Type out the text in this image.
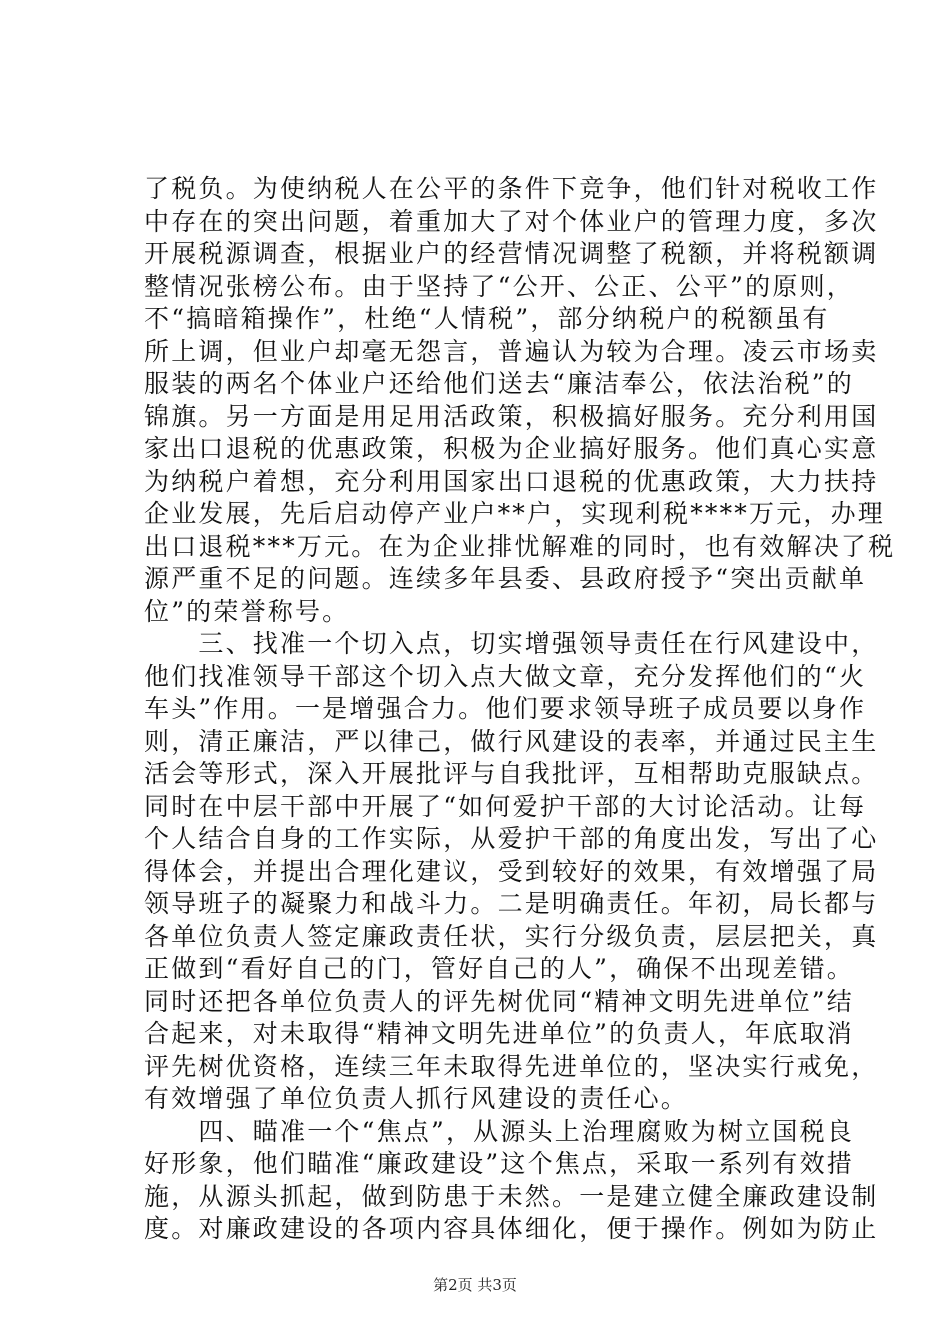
了税负。为使纳税人在公平的条件下竞争，他们针对税收工作
中存在的突出问题，着重加大了对个体业户的管理力度，多次
开展税源调查，根据业户的经营情况调整了税额，并将税额调
整情况张榜公布。由于坚持了“公开、公正、公平”的原则，
不“搞暗箱操作”，杜绝“人情税”，部分纳税户的税额虽有
所上调，但业户却毫无怨言，普遍认为较为合理。凌云市场卖
服装的两名个体业户还给他们送去“廉洁奉公，依法治税”的
锦旗。另一方面是用足用活政策，积极搞好服务。充分利用国
家出口退税的优惠政策，积极为企业搞好服务。他们真心实意
为纳税户着想，充分利用国家出口退税的优惠政策，大力扶持
企业发展，先后启动停产业户**户，实现利税****万元，办理
出口退税***万元。在为企业排忧解难的同时，也有效解决了税
源严重不足的问题。连续多年县委、县政府授予“突出贡献单
位”的荣誉称号。
　　三、找准一个切入点，切实增强领导责任在行风建设中，
他们找准领导干部这个切入点大做文章，充分发挥他们的“火
车头”作用。一是增强合力。他们要求领导班子成员要以身作
则，清正廉洁，严以律己，做行风建设的表率，并通过民主生
活会等形式，深入开展批评与自我批评，互相帮助克服缺点。
同时在中层干部中开展了“如何爱护干部的大讨论活动。让每
个人结合自身的工作实际，从爱护干部的角度出发，写出了心
得体会，并提出合理化建议，受到较好的效果，有效增强了局
领导班子的凝聚力和战斗力。二是明确责任。年初，局长都与
各单位负责人签定廉政责任状，实行分级负责，层层把关，真
正做到“看好自己的门，管好自己的人”，确保不出现差错。
同时还把各单位负责人的评先树优同“精神文明先进单位”结
合起来，对未取得“精神文明先进单位”的负责人，年底取消
评先树优资格，连续三年未取得先进单位的，坚决实行戒免，
有效增强了单位负责人抓行风建设的责任心。
　　四、瞄准一个“焦点”，从源头上治理腐败为树立国税良
好形象，他们瞄准“廉政建设”这个焦点，采取一系列有效措
施，从源头抓起，做到防患于未然。一是建立健全廉政建设制
度。对廉政建设的各项内容具体细化，便于操作。例如为防止
第2页 共3页
